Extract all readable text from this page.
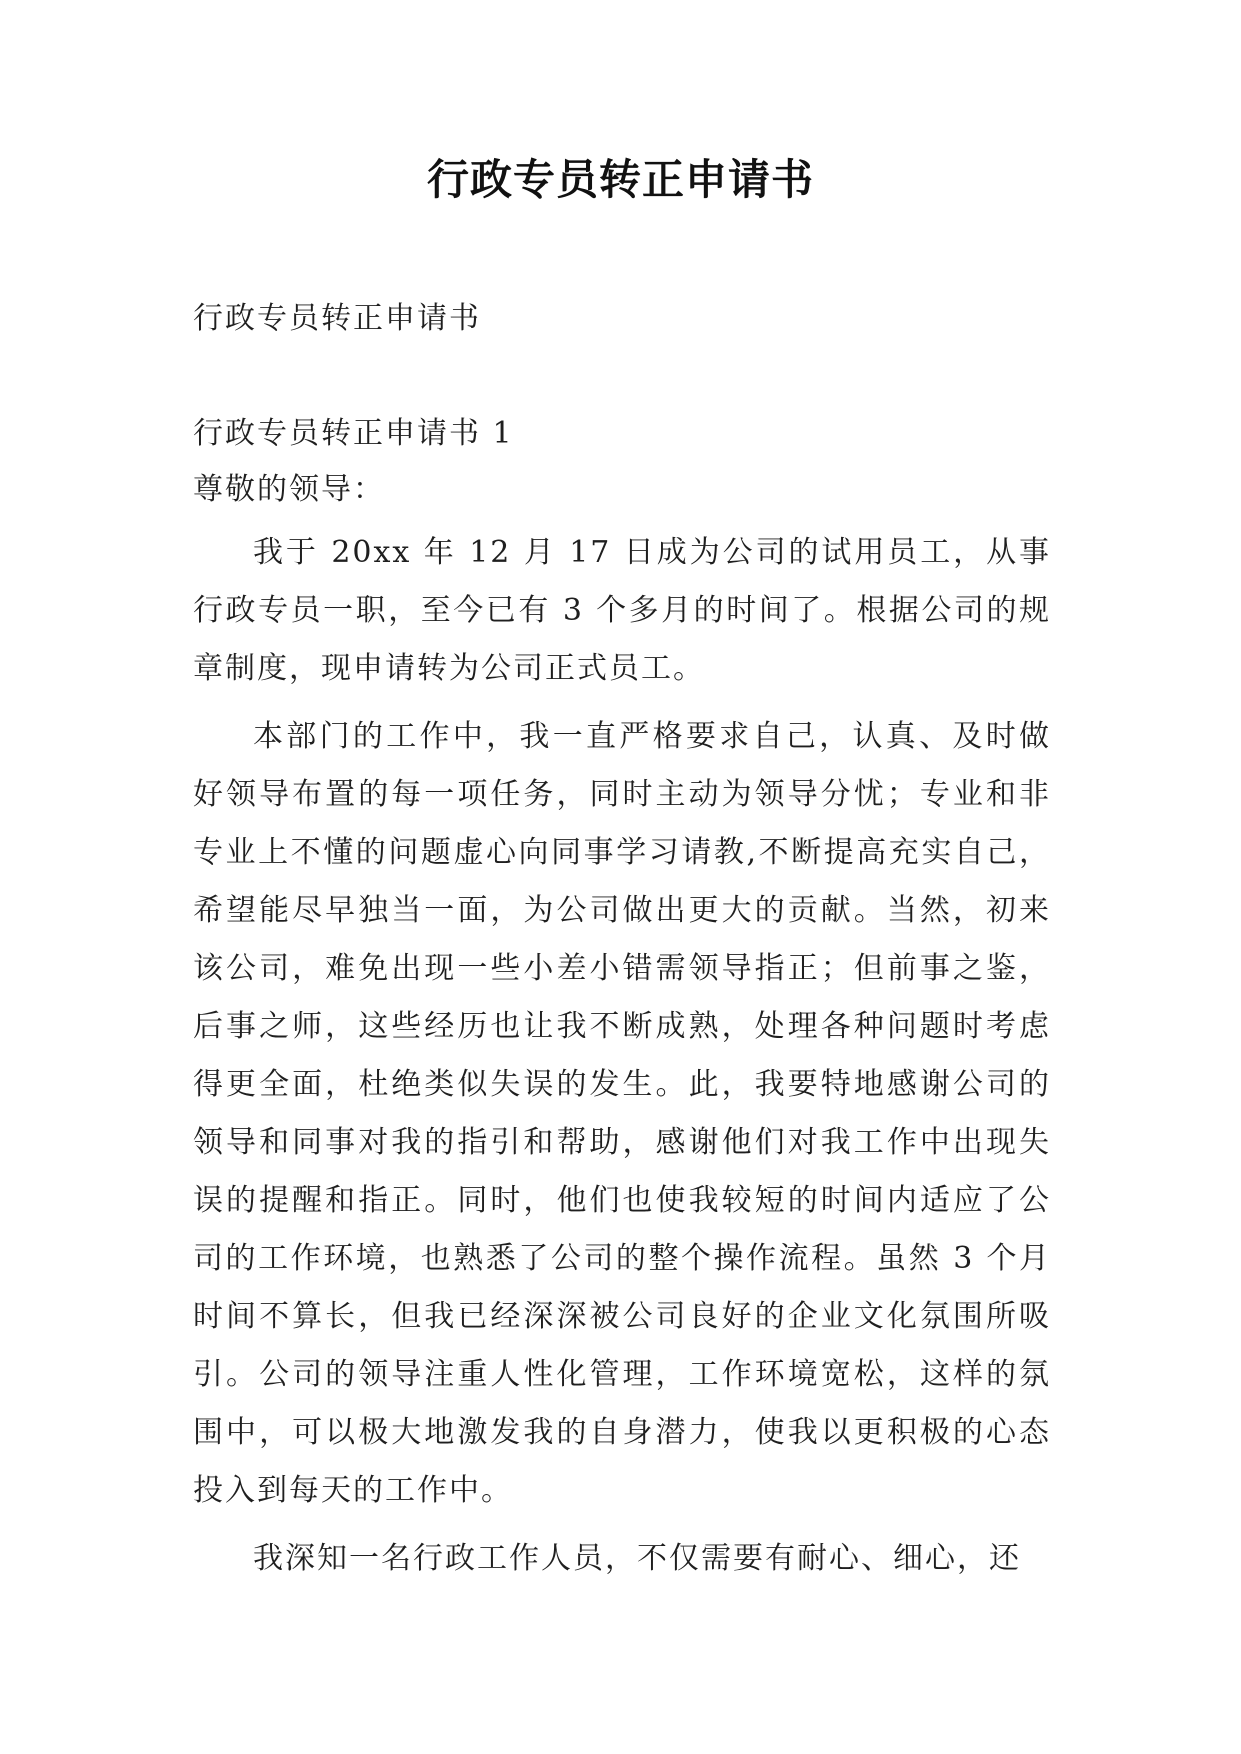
行政专员转正申请书
行政专员转正申请书
行政专员转正申请书 1
尊敬的领导：

我于 20xx 年 12 月 17 日成为公司的试用员工，从事行政专员一职，至今已有 3 个多月的时间了。根据公司的规章制度，现申请转为公司正式员工。

本部门的工作中，我一直严格要求自己，认真、及时做好领导布置的每一项任务，同时主动为领导分忧；专业和非专业上不懂的问题虚心向同事学习请教,不断提高充实自己，希望能尽早独当一面，为公司做出更大的贡献。当然，初来该公司，难免出现一些小差小错需领导指正；但前事之鉴，后事之师，这些经历也让我不断成熟，处理各种问题时考虑得更全面，杜绝类似失误的发生。此，我要特地感谢公司的领导和同事对我的指引和帮助，感谢他们对我工作中出现失误的提醒和指正。同时，他们也使我较短的时间内适应了公司的工作环境，也熟悉了公司的整个操作流程。虽然 3 个月时间不算长，但我已经深深被公司良好的企业文化氛围所吸引。公司的领导注重人性化管理，工作环境宽松，这样的氛围中，可以极大地激发我的自身潜力，使我以更积极的心态投入到每天的工作中。

我深知一名行政工作人员，不仅需要有耐心、细心，还
